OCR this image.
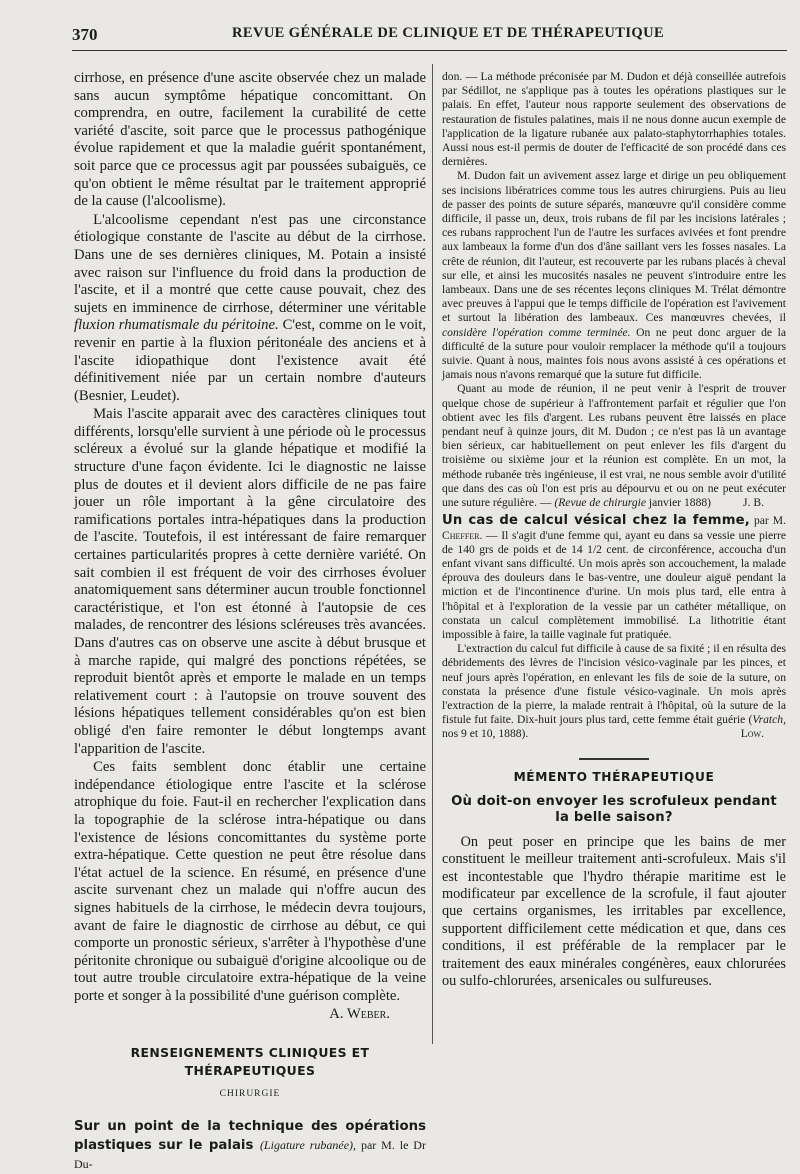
370	REVUE GÉNÉRALE DE CLINIQUE ET DE THÉRAPEUTIQUE

cirrhose, en présence d'une ascite observée chez un malade sans aucun symptôme hépatique concomittant. On comprendra, en outre, facilement la curabilité de cette variété d'ascite, soit parce que le processus pathogénique évolue rapidement et que la maladie guérit spontanément, soit parce que ce processus agit par poussées subaiguës, ce qu'on obtient le même résultat par le traitement approprié de la cause (l'alcoolisme).

L'alcoolisme cependant n'est pas une circonstance étiologique constante de l'ascite au début de la cirrhose. Dans une de ses dernières cliniques, M. Potain a insisté avec raison sur l'influence du froid dans la production de l'ascite, et il a montré que cette cause pouvait, chez des sujets en imminence de cirrhose, déterminer une véritable fluxion rhumatismale du péritoine. C'est, comme on le voit, revenir en partie à la fluxion péritonéale des anciens et à l'ascite idiopathique dont l'existence avait été définitivement niée par un certain nombre d'auteurs (Besnier, Leudet).

Mais l'ascite apparait avec des caractères cliniques tout différents, lorsqu'elle survient à une période où le processus scléreux a évolué sur la glande hépatique et modifié la structure d'une façon évidente. Ici le diagnostic ne laisse plus de doutes et il devient alors difficile de ne pas faire jouer un rôle important à la gêne circulatoire des ramifications portales intra-hépatiques dans la production de l'ascite. Toutefois, il est intéressant de faire remarquer certaines particularités propres à cette dernière variété. On sait combien il est fréquent de voir des cirrhoses évoluer anatomiquement sans déterminer aucun trouble fonctionnel caractéristique, et l'on est étonné à l'autopsie de ces malades, de rencontrer des lésions scléreuses très avancées. Dans d'autres cas on observe une ascite à début brusque et à marche rapide, qui malgré des ponctions répétées, se reproduit bientôt après et emporte le malade en un temps relativement court : à l'autopsie on trouve souvent des lésions hépatiques tellement considérables qu'on est bien obligé d'en faire remonter le début longtemps avant l'apparition de l'ascite.

Ces faits semblent donc établir une certaine indépendance étiologique entre l'ascite et la sclérose atrophique du foie. Faut-il en rechercher l'explication dans la topographie de la sclérose intra-hépatique ou dans l'existence de lésions concomittantes du système porte extra-hépatique. Cette question ne peut être résolue dans l'état actuel de la science. En résumé, en présence d'une ascite survenant chez un malade qui n'offre aucun des signes habituels de la cirrhose, le médecin devra toujours, avant de faire le diagnostic de cirrhose au début, ce qui comporte un pronostic sérieux, s'arrêter à l'hypothèse d'une péritonite chronique ou subaiguë d'origine alcoolique ou de tout autre trouble circulatoire extra-hépatique de la veine porte et songer à la possibilité d'une guérison complète.

A. Weber.
RENSEIGNEMENTS CLINIQUES ET THÉRAPEUTIQUES
CHIRURGIE

Sur un point de la technique des opérations plastiques sur le palais (Ligature rubanée), par M. le Dr Du-

don. — La méthode préconisée par M. Dudon et déjà conseillée autrefois par Sédillot, ne s'applique pas à toutes les opérations plastiques sur le palais. En effet, l'auteur nous rapporte seulement des observations de restauration de fistules palatines, mais il ne nous donne aucun exemple de l'application de la ligature rubanée aux palato-staphytorrhaphies totales. Aussi nous est-il permis de douter de l'efficacité de son procédé dans ces dernières.

M. Dudon fait un avivement assez large et dirige un peu obliquement ses incisions libératrices comme tous les autres chirurgiens. Puis au lieu de passer des points de suture séparés, manœuvre qu'il considère comme difficile, il passe un, deux, trois rubans de fil par les incisions latérales ; ces rubans rapprochent l'un de l'autre les surfaces avivées et font prendre aux lambeaux la forme d'un dos d'âne saillant vers les fosses nasales. La crête de réunion, dit l'auteur, est recouverte par les rubans placés à cheval sur elle, et ainsi les mucosités nasales ne peuvent s'introduire entre les lambeaux. Dans une de ses récentes leçons cliniques M. Trélat démontre avec preuves à l'appui que le temps difficile de l'opération est l'avivement et surtout la libération des lambeaux. Ces manœuvres chevées, il considère l'opération comme terminée. On ne peut donc arguer de la difficulté de la suture pour vouloir remplacer la méthode qu'il a toujours suivie. Quant à nous, maintes fois nous avons assisté à ces opérations et jamais nous n'avons remarqué que la suture fut difficile.

Quant au mode de réunion, il ne peut venir à l'esprit de trouver quelque chose de supérieur à l'affrontement parfait et régulier que l'on obtient avec les fils d'argent. Les rubans peuvent être laissés en place pendant neuf à quinze jours, dit M. Dudon ; ce n'est pas là un avantage bien sérieux, car habituellement on peut enlever les fils d'argent du troisième ou sixième jour et la réunion est complète. En un mot, la méthode rubanée très ingénieuse, il est vrai, ne nous semble avoir d'utilité que dans des cas où l'on est pris au dépourvu et ou on ne peut exécuter une suture régulière. — (Revue de chirurgie janvier 1888)	J. B.

Un cas de calcul vésical chez la femme, par M. Cheffer. — Il s'agit d'une femme qui, ayant eu dans sa vessie une pierre de 140 grs de poids et de 14 1/2 cent. de circonférence, accoucha d'un enfant vivant sans difficulté. Un mois après son accouchement, la malade éprouva des douleurs dans le bas-ventre, une douleur aiguë pendant la miction et de l'incontinence d'urine. Un mois plus tard, elle entra à l'hôpital et à l'exploration de la vessie par un cathéter métallique, on constata un calcul complètement immobilisé. La lithotritie étant impossible à faire, la taille vaginale fut pratiquée.

L'extraction du calcul fut difficile à cause de sa fixité ; il en résulta des débridements des lèvres de l'incision vésico-vaginale par les pinces, et neuf jours après l'opération, en enlevant les fils de soie de la suture, on constata la présence d'une fistule vésico-vaginale. Un mois après l'extraction de la pierre, la malade rentrait à l'hôpital, où la suture de la fistule fut faite. Dix-huit jours plus tard, cette femme était guérie (Vratch, nos 9 et 10, 1888).	Low.

MÉMENTO THÉRAPEUTIQUE
Où doit-on envoyer les scrofuleux pendant la belle saison?

On peut poser en principe que les bains de mer constituent le meilleur traitement anti-scrofuleux. Mais s'il est incontestable que l'hydro thérapie maritime est le modificateur par excellence de la scrofule, il faut ajouter que certains organismes, les irritables par excellence, supportent difficilement cette médication et que, dans ces conditions, il est préférable de la remplacer par le traitement des eaux minérales congénères, eaux chlorurées ou sulfo-chlorurées, arsenicales ou sulfureuses.
